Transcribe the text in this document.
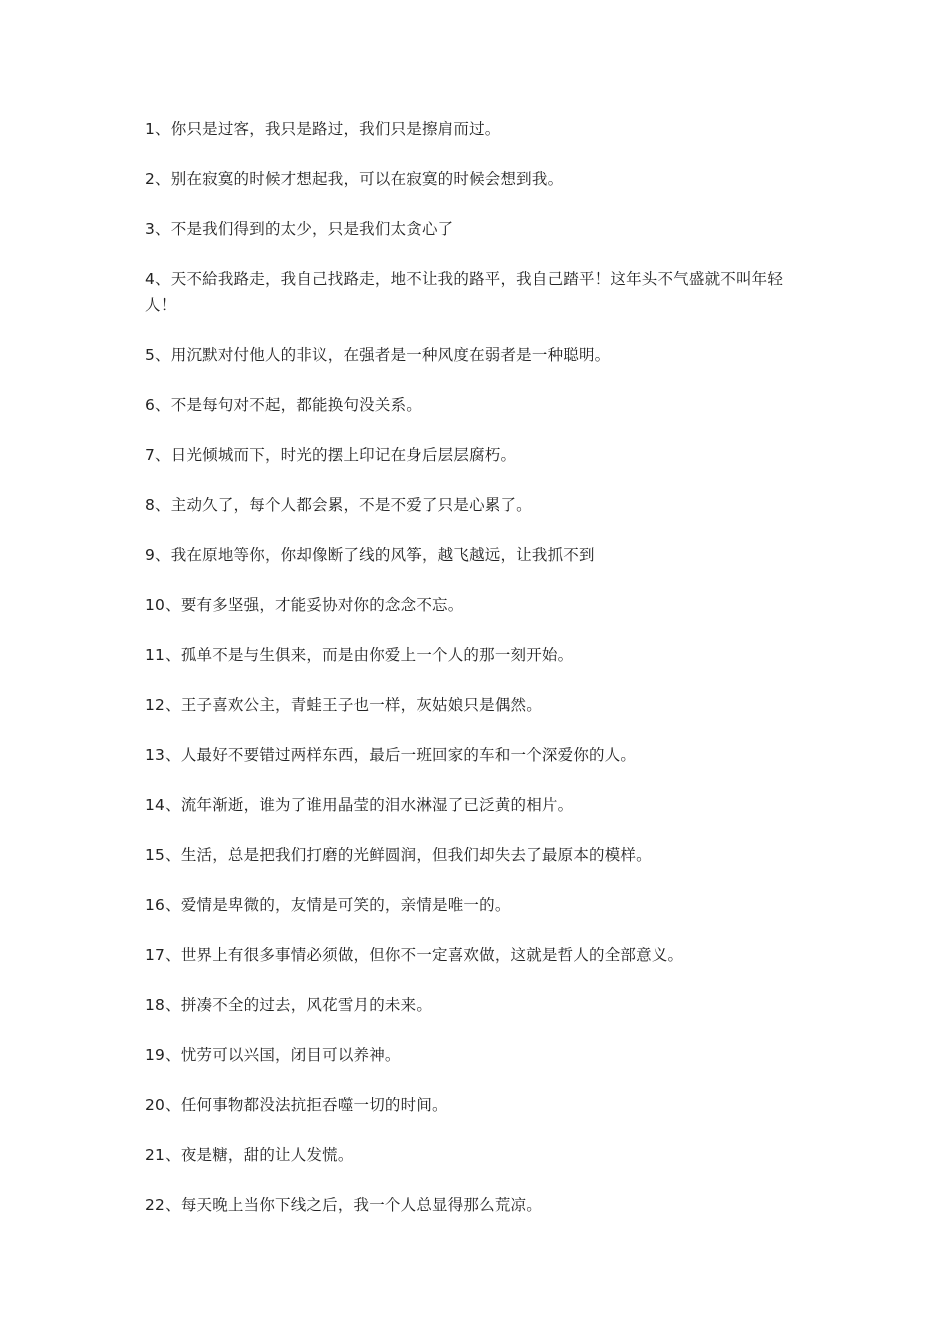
1、你只是过客，我只是路过，我们只是擦肩而过。
2、别在寂寞的时候才想起我，可以在寂寞的时候会想到我。
3、不是我们得到的太少，只是我们太贪心了
4、天不給我路走，我自己找路走，地不让我的路平，我自己踏平！这年头不气盛就不叫年轻人！
5、用沉默对付他人的非议，在强者是一种风度在弱者是一种聪明。
6、不是每句对不起，都能换句没关系。
7、日光倾城而下，时光的摆上印记在身后层层腐朽。
8、主动久了，每个人都会累，不是不爱了只是心累了。
9、我在原地等你，你却像断了线的风筝，越飞越远，让我抓不到
10、要有多坚强，才能妥协对你的念念不忘。
11、孤单不是与生俱来，而是由你爱上一个人的那一刻开始。
12、王子喜欢公主，青蛙王子也一样，灰姑娘只是偶然。
13、人最好不要错过两样东西，最后一班回家的车和一个深爱你的人。
14、流年渐逝，谁为了谁用晶莹的泪水淋湿了已泛黄的相片。
15、生活，总是把我们打磨的光鲜圆润，但我们却失去了最原本的模样。
16、爱情是卑微的，友情是可笑的，亲情是唯一的。
17、世界上有很多事情必须做，但你不一定喜欢做，这就是哲人的全部意义。
18、拼凑不全的过去，风花雪月的未来。
19、忧劳可以兴国，闭目可以养神。
20、任何事物都没法抗拒吞噬一切的时间。
21、夜是糖，甜的让人发慌。
22、每天晚上当你下线之后，我一个人总显得那么荒凉。
